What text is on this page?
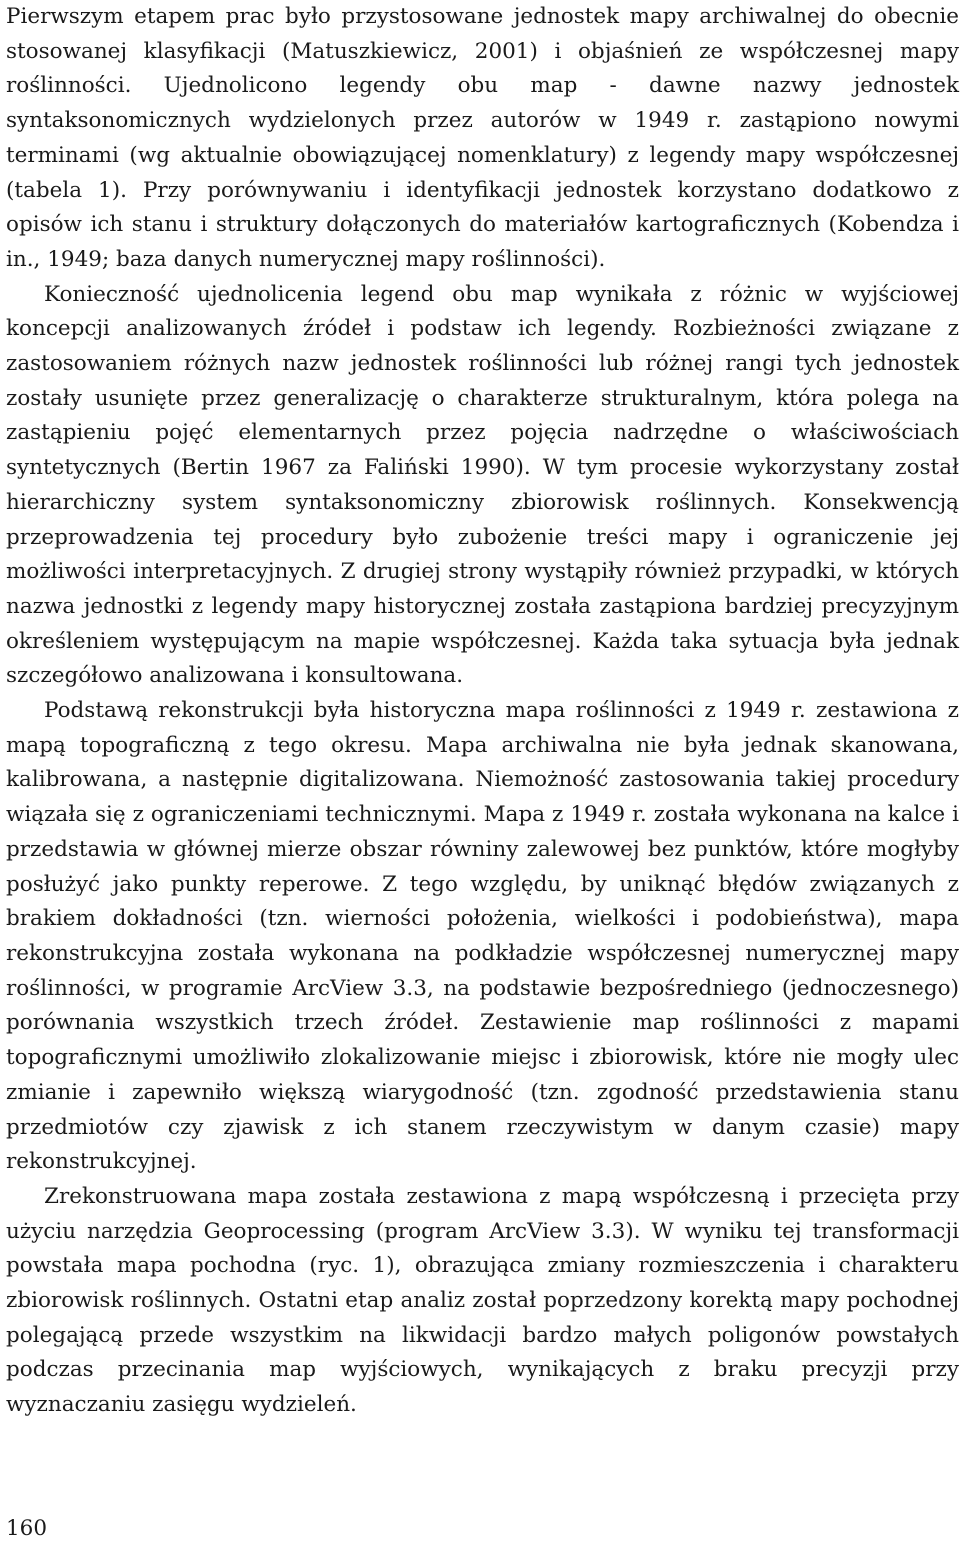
Pierwszym etapem prac było przystosowane jednostek mapy archiwalnej do obecnie stosowanej klasyfikacji (Matuszkiewicz, 2001) i objaśnień ze współczesnej mapy roślinności. Ujednolicono legendy obu map - dawne nazwy jednostek syntaksonomicznych wydzielonych przez autorów w 1949 r. zastąpiono nowymi terminami (wg aktualnie obowiązującej nomenklatury) z legendy mapy współczesnej (tabela 1). Przy porównywaniu i identyfikacji jednostek korzystano dodatkowo z opisów ich stanu i struktury dołączonych do materiałów kartograficznych (Kobendza i in., 1949; baza danych numerycznej mapy roślinności).

Konieczność ujednolicenia legend obu map wynikała z różnic w wyjściowej koncepcji analizowanych źródeł i podstaw ich legendy. Rozbieżności związane z zastosowaniem różnych nazw jednostek roślinności lub różnej rangi tych jednostek zostały usunięte przez generalizację o charakterze strukturalnym, która polega na zastąpieniu pojęć elementarnych przez pojęcia nadrzędne o właściwościach syntetycznych (Bertin 1967 za Faliński 1990). W tym procesie wykorzystany został hierarchiczny system syntaksonomiczny zbiorowisk roślinnych. Konsekwencją przeprowadzenia tej procedury było zubożenie treści mapy i ograniczenie jej możliwości interpretacyjnych. Z drugiej strony wystąpiły również przypadki, w których nazwa jednostki z legendy mapy historycznej została zastąpiona bardziej precyzyjnym określeniem występującym na mapie współczesnej. Każda taka sytuacja była jednak szczegółowo analizowana i konsultowana.

Podstawą rekonstrukcji była historyczna mapa roślinności z 1949 r. zestawiona z mapą topograficzną z tego okresu. Mapa archiwalna nie była jednak skanowana, kalibrowana, a następnie digitalizowana. Niemożność zastosowania takiej procedury wiązała się z ograniczeniami technicznymi. Mapa z 1949 r. została wykonana na kalce i przedstawia w głównej mierze obszar równiny zalewowej bez punktów, które mogłyby posłużyć jako punkty reperowe. Z tego względu, by uniknąć błędów związanych z brakiem dokładności (tzn. wierności położenia, wielkości i podobieństwa), mapa rekonstrukcyjna została wykonana na podkładzie współczesnej numerycznej mapy roślinności, w programie ArcView 3.3, na podstawie bezpośredniego (jednoczesnego) porównania wszystkich trzech źródeł. Zestawienie map roślinności z mapami topograficznymi umożliwiło zlokalizowanie miejsc i zbiorowisk, które nie mogły ulec zmianie i zapewniło większą wiarygodność (tzn. zgodność przedstawienia stanu przedmiotów czy zjawisk z ich stanem rzeczywistym w danym czasie) mapy rekonstrukcyjnej.

Zrekonstruowana mapa została zestawiona z mapą współczesną i przecięta przy użyciu narzędzia Geoprocessing (program ArcView 3.3). W wyniku tej transformacji powstała mapa pochodna (ryc. 1), obrazująca zmiany rozmieszczenia i charakteru zbiorowisk roślinnych. Ostatni etap analiz został poprzedzony korektą mapy pochodnej polegającą przede wszystkim na likwidacji bardzo małych poligonów powstałych podczas przecinania map wyjściowych, wynikających z braku precyzji przy wyznaczaniu zasięgu wydzieleń.

160
